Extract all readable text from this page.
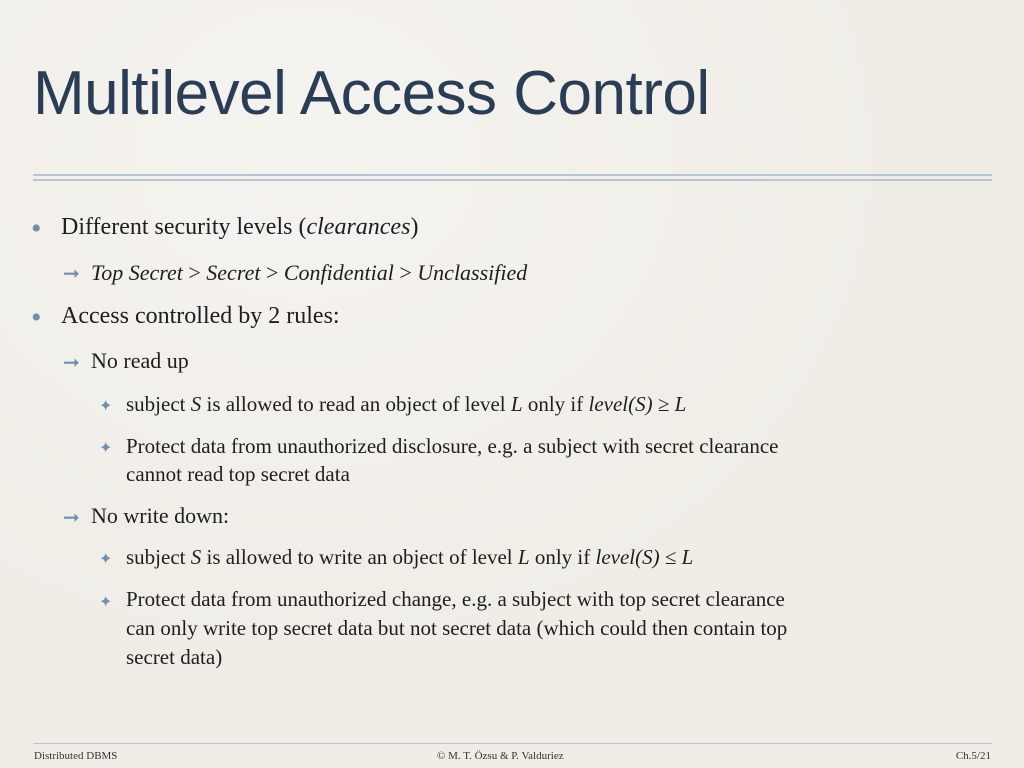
Multilevel Access Control
• Different security levels (clearances)
➞ Top Secret > Secret > Confidential > Unclassified
• Access controlled by 2 rules:
➞ No read up
✦ subject S is allowed to read an object of level L only if level(S) ≥ L
✦ Protect data from unauthorized disclosure, e.g. a subject with secret clearance
cannot read top secret data
➞ No write down:
✦ subject S is allowed to write an object of level L only if level(S) ≤ L
✦ Protect data from unauthorized change, e.g. a subject with top secret clearance
can only write top secret data but not secret data (which could then contain top
secret data)
Distributed DBMS	© M. T. Özsu & P. Valduriez	Ch.5/21
